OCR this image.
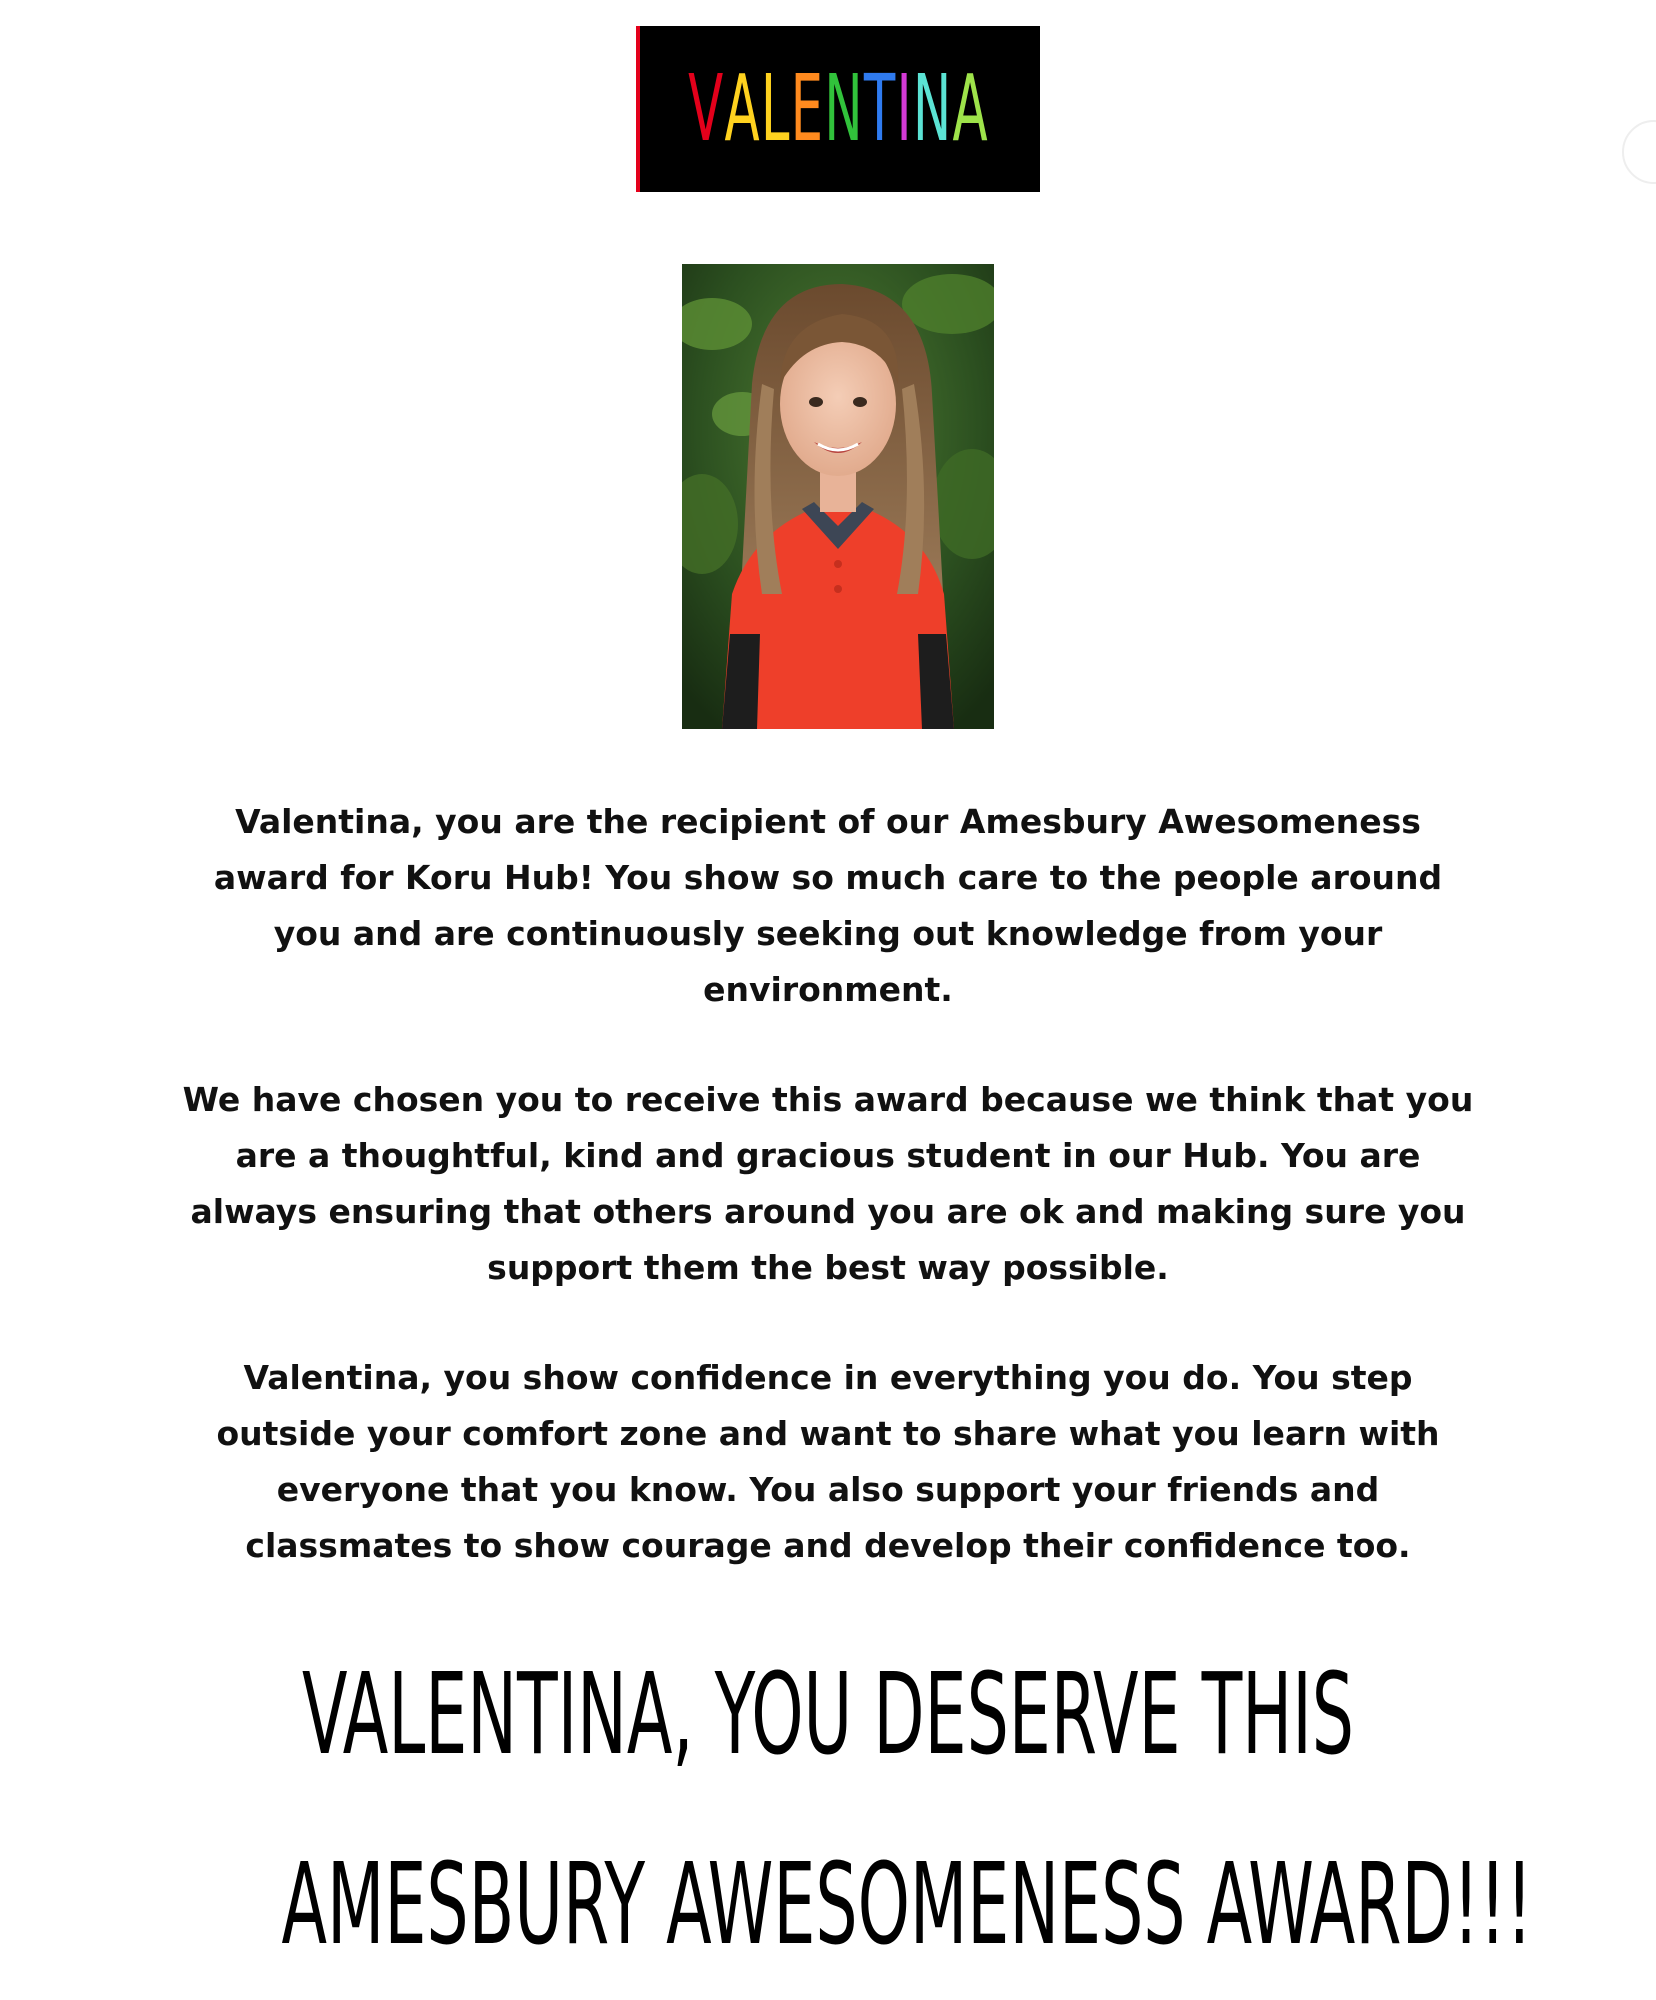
V A L E N T I N A
Valentina, you are the recipient of our Amesbury Awesomeness award for Koru Hub! You show so much care to the people around you and are continuously seeking out knowledge from your environment.
We have chosen you to receive this award because we think that you are a thoughtful, kind and gracious student in our Hub. You are always ensuring that others around you are ok and making sure you support them the best way possible.
Valentina, you show confidence in everything you do. You step outside your comfort zone and want to share what you learn with everyone that you know. You also support your friends and classmates to show courage and develop their confidence too.
VALENTINA, YOU DESERVE THIS
AMESBURY AWESOMENESS AWARD!!!
